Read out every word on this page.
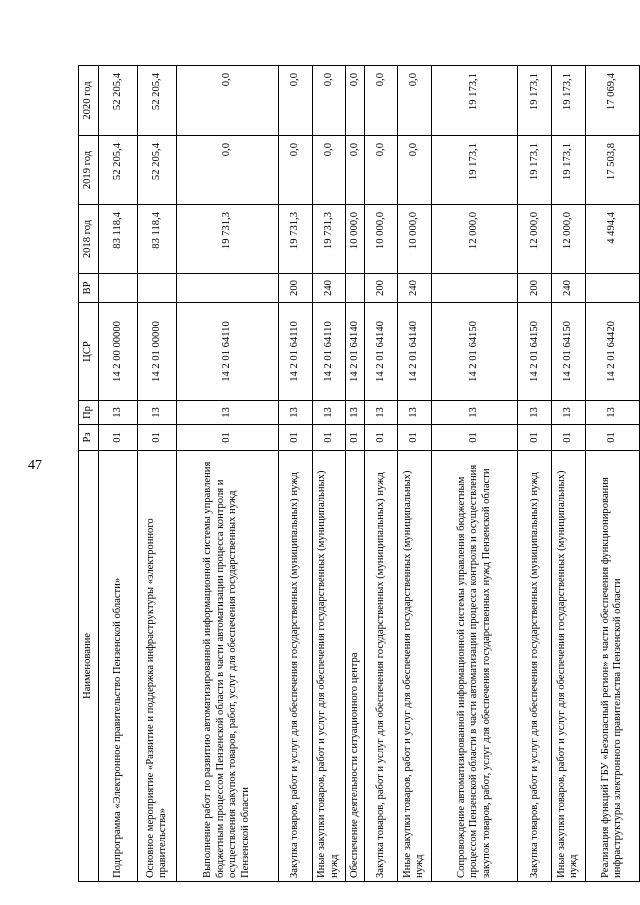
47
Наименование	Рз	Пр	ЦСР	ВР	2018 год	2019 год	2020 год
Подпрограмма «Электронное правительство Пензенской области»	01	13	14 2 00 00000		83 118,4	52 205,4	52 205,4
Основное мероприятие «Развитие и поддержка инфраструктуры «электронного правительства»	01	13	14 2 01 00000		83 118,4	52 205,4	52 205,4
Выполнение работ по развитию автоматизированной информационной системы управления бюджетным процессом Пензенской области в части автоматизации процесса контроля и осуществления закупок товаров, работ, услуг для обеспечения государственных нужд Пензенской области	01	13	14 2 01 64110		19 731,3	0,0	0,0
Закупка товаров, работ и услуг для обеспечения государственных (муниципальных) нужд	01	13	14 2 01 64110	200	19 731,3	0,0	0,0
Иные закупки товаров, работ и услуг для обеспечения государственных (муниципальных) нужд	01	13	14 2 01 64110	240	19 731,3	0,0	0,0
Обеспечение деятельности ситуационного центра	01	13	14 2 01 64140		10 000,0	0,0	0,0
Закупка товаров, работ и услуг для обеспечения государственных (муниципальных) нужд	01	13	14 2 01 64140	200	10 000,0	0,0	0,0
Иные закупки товаров, работ и услуг для обеспечения государственных (муниципальных) нужд	01	13	14 2 01 64140	240	10 000,0	0,0	0,0
Сопровождение автоматизированной информационной системы управления бюджетным процессом Пензенской области в части автоматизации процесса контроля и осуществления закупок товаров, работ, услуг для обеспечения государственных нужд Пензенской области	01	13	14 2 01 64150		12 000,0	19 173,1	19 173,1
Закупка товаров, работ и услуг для обеспечения государственных (муниципальных) нужд	01	13	14 2 01 64150	200	12 000,0	19 173,1	19 173,1
Иные закупки товаров, работ и услуг для обеспечения государственных (муниципальных) нужд	01	13	14 2 01 64150	240	12 000,0	19 173,1	19 173,1
Реализация функций ГБУ «Безопасный регион» в части обеспечения функционирования инфраструктуры электронного правительства Пензенской области	01	13	14 2 01 64420		4 494,4	17 503,8	17 069,4
